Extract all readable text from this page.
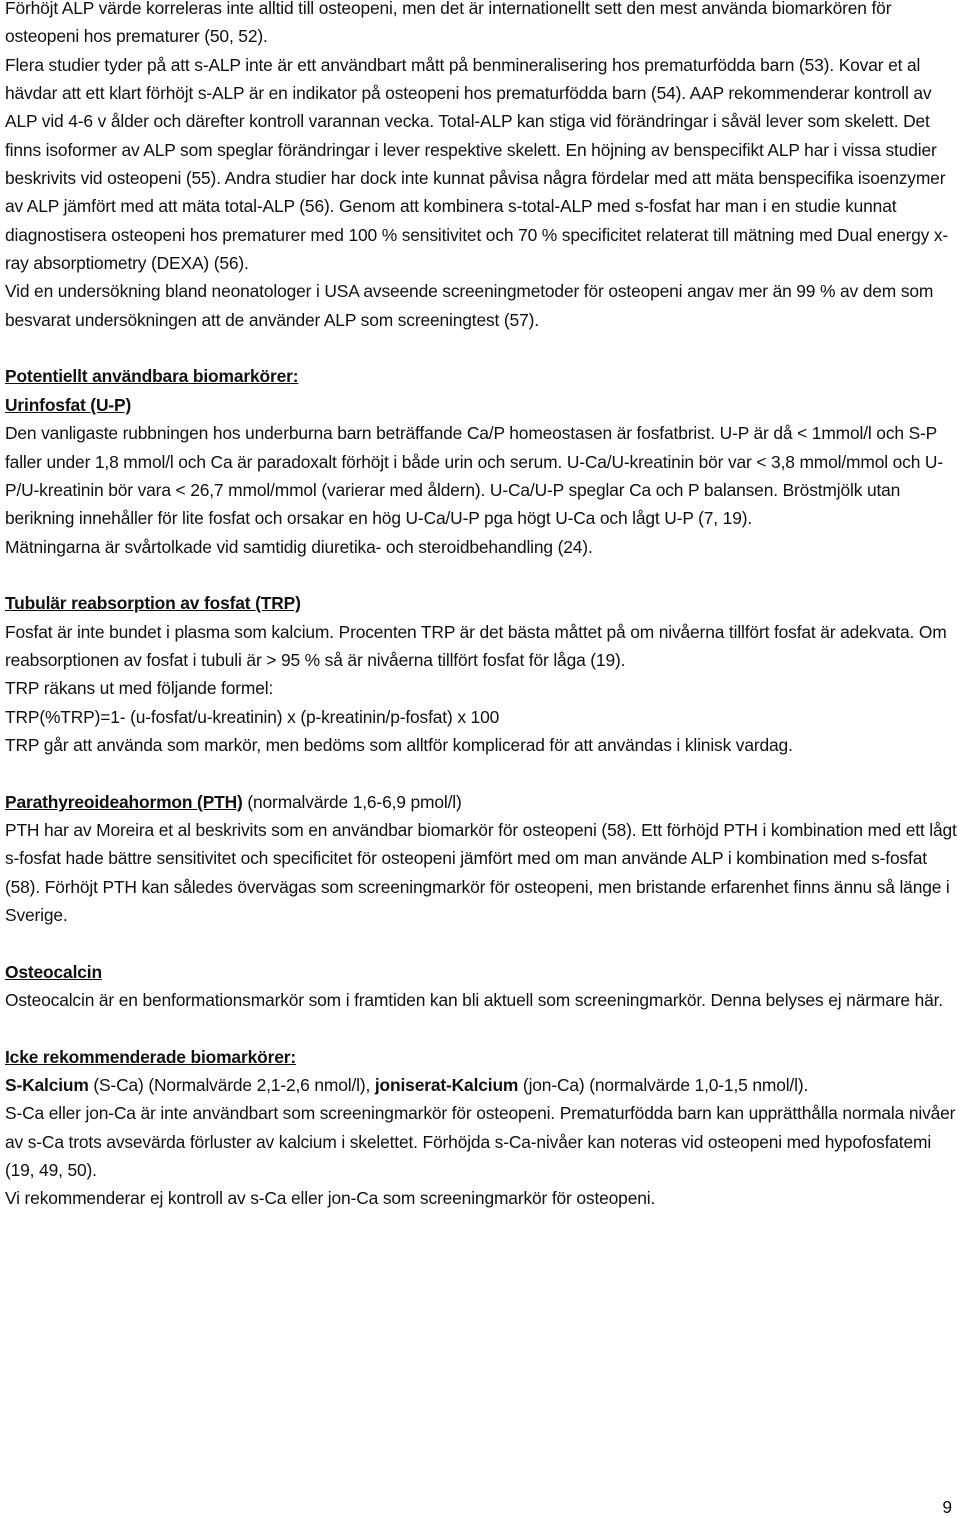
Förhöjt ALP värde korreleras inte alltid till osteopeni, men det är internationellt sett den mest använda biomarkören för osteopeni hos prematurer (50, 52).
Flera studier tyder på att s-ALP inte är ett användbart mått på benmineralisering hos prematurfödda barn (53). Kovar et al hävdar att ett klart förhöjt s-ALP är en indikator på osteopeni hos prematurfödda barn (54). AAP rekommenderar kontroll av ALP vid 4-6 v ålder och därefter kontroll varannan vecka. Total-ALP kan stiga vid förändringar i såväl lever som skelett. Det finns isoformer av ALP som speglar förändringar i lever respektive skelett. En höjning av benspecifikt ALP har i vissa studier beskrivits vid osteopeni (55). Andra studier har dock inte kunnat påvisa några fördelar med att mäta benspecifika isoenzymer av ALP jämfört med att mäta total-ALP (56). Genom att kombinera s-total-ALP med s-fosfat har man i en studie kunnat diagnostisera osteopeni hos prematurer med 100 % sensitivitet och 70 % specificitet relaterat till mätning med Dual energy x-ray absorptiometry (DEXA) (56).

Vid en undersökning bland neonatologer i USA avseende screeningmetoder för osteopeni angav mer än 99 % av dem som besvarat undersökningen att de använder ALP som screeningtest (57).

Potentiellt användbara biomarkörer:

Urinfosfat (U-P)

Den vanligaste rubbningen hos underburna barn beträffande Ca/P homeostasen är fosfatbrist. U-P är då < 1mmol/l och S-P faller under 1,8 mmol/l och Ca är paradoxalt förhöjt i både urin och serum. U-Ca/U-kreatinin bör var < 3,8 mmol/mmol och U-P/U-kreatinin bör vara < 26,7 mmol/mmol (varierar med åldern). U-Ca/U-P speglar Ca och P balansen. Bröstmjölk utan berikning innehåller för lite fosfat och orsakar en hög U-Ca/U-P pga högt U-Ca och lågt U-P (7, 19).

Mätningarna är svårtolkade vid samtidig diuretika- och steroidbehandling (24).

Tubulär reabsorption av fosfat (TRP)

Fosfat är inte bundet i plasma som kalcium. Procenten TRP är det bästa måttet på om nivåerna tillfört fosfat är adekvata. Om reabsorptionen av fosfat i tubuli är > 95 % så är nivåerna tillfört fosfat för låga (19).

TRP räkans ut med följande formel:

TRP(%TRP)=1- (u-fosfat/u-kreatinin) x (p-kreatinin/p-fosfat) x 100

TRP går att använda som markör, men bedöms som alltför komplicerad för att användas i klinisk vardag.

Parathyreoideahormon (PTH) (normalvärde 1,6-6,9 pmol/l)

PTH har av Moreira et al beskrivits som en användbar biomarkör för osteopeni (58). Ett förhöjd PTH i kombination med ett lågt s-fosfat hade bättre sensitivitet och specificitet för osteopeni jämfört med om man använde ALP i kombination med s-fosfat (58). Förhöjt PTH kan således övervägas som screeningmarkör för osteopeni, men bristande erfarenhet finns ännu så länge i Sverige.

Osteocalcin

Osteocalcin är en benformationsmarkör som i framtiden kan bli aktuell som screeningmarkör. Denna belyses ej närmare här.

Icke rekommenderade biomarkörer:

S-Kalcium (S-Ca) (Normalvärde 2,1-2,6 nmol/l), joniserat-Kalcium (jon-Ca) (normalvärde 1,0-1,5 nmol/l).

S-Ca eller jon-Ca är inte användbart som screeningmarkör för osteopeni. Prematurfödda barn kan upprätthålla normala nivåer av s-Ca trots avsevärda förluster av kalcium i skelettet. Förhöjda s-Ca-nivåer kan noteras vid osteopeni med hypofosfatemi (19, 49, 50).

Vi rekommenderar ej kontroll av s-Ca eller jon-Ca som screeningmarkör för osteopeni.

9
